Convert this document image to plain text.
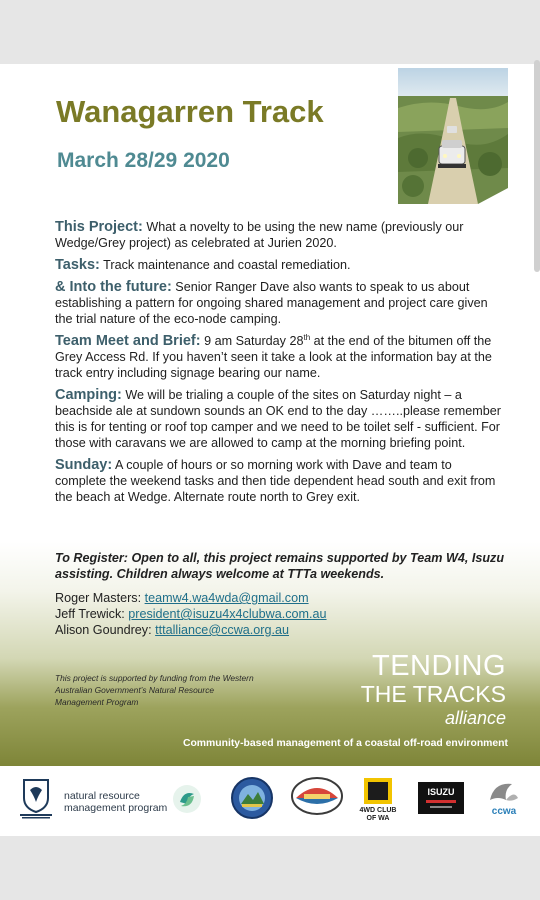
Wanagarren Track
March 28/29 2020
This Project: What a novelty to be using the new name (previously our Wedge/Grey project) as celebrated at Jurien 2020.
Tasks: Track maintenance and coastal remediation.
& Into the future: Senior Ranger Dave also wants to speak to us about establishing a pattern for ongoing shared management and project care given the trial nature of the eco-node camping.
Team Meet and Brief: 9 am Saturday 28th at the end of the bitumen off the Grey Access Rd. If you haven’t seen it take a look at the information bay at the track entry including signage bearing our name.
Camping: We will be trialing a couple of the sites on Saturday night – a beachside ale at sundown sounds an OK end to the day ……..please remember this is for tenting or roof top camper and we need to be toilet self - sufficient. For those with caravans we are allowed to camp at the morning briefing point.
Sunday: A couple of hours or so morning work with Dave and team to complete the weekend tasks and then tide dependent head south and exit from the beach at Wedge. Alternate route north to Grey exit.
To Register: Open to all, this project remains supported by Team W4, Isuzu assisting. Children always welcome at TTTa weekends.
Roger Masters: teamw4.wa4wda@gmail.com
Jeff Trewick: president@isuzu4x4clubwa.com.au
Alison Goundrey: tttalliance@ccwa.org.au
This project is supported by funding from the Western Australian Government’s Natural Resource Management Program
TENDING
THE TRACKS
alliance
Community-based management of a coastal off-road environment
natural resource management program	4WD CLUB
OF WA
ISUZU
ccwa
